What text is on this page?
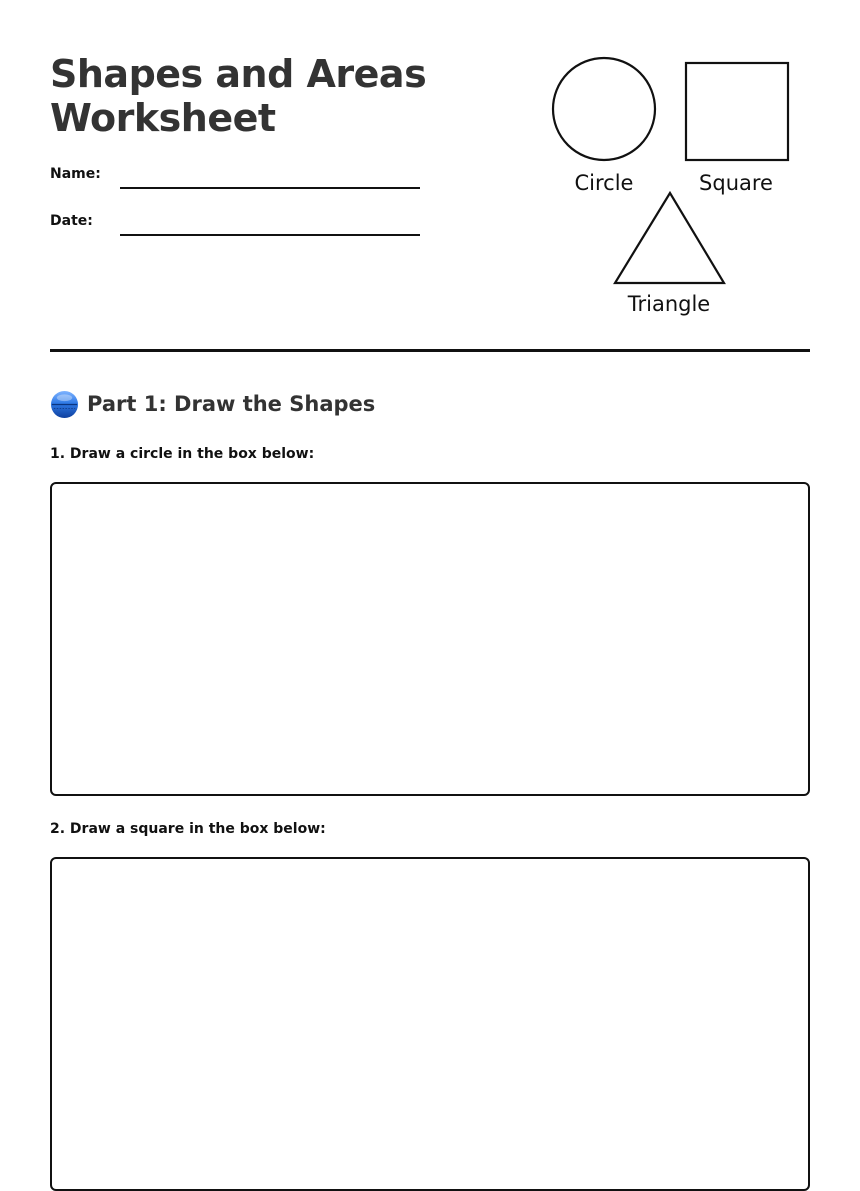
Shapes and Areas Worksheet
Name:
Date:
Circle	Square
Triangle
Part 1: Draw the Shapes
1. Draw a circle in the box below:
2. Draw a square in the box below:
